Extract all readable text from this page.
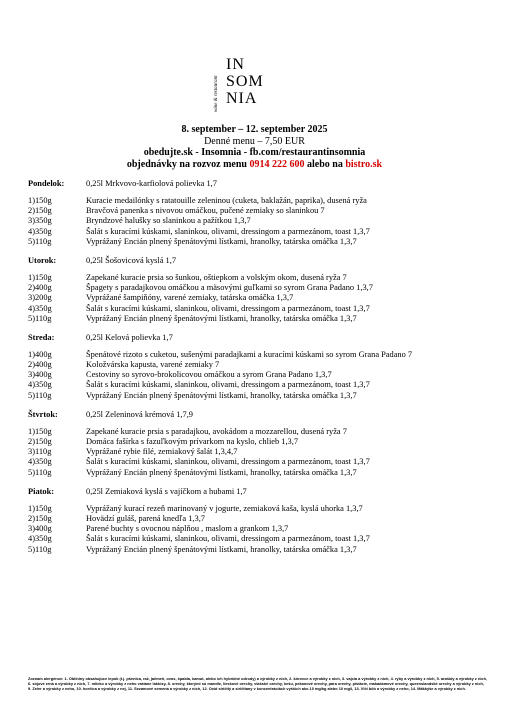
wine & restaurant
IN
SOM
NIA
8. september – 12. september 2025
Denné menu – 7,50 EUR
obedujte.sk - Insomnia - fb.com/restaurantinsomnia
objednávky na rozvoz menu 0914 222 600 alebo na bistro.sk
Pondelok:	0,25l Mrkvovo-karfiolová polievka 1,7
1)150g	Kuracie medailónky s ratatouille zeleninou (cuketa, baklažán, paprika), dusená ryža
2)150g	Bravčová panenka s nivovou omáčkou, pučené zemiaky so slaninkou 7
3)350g	Bryndzové halušky so slaninkou a pažítkou 1,3,7
4)350g	Šalát s kuracími kúskami, slaninkou, olivami, dressingom a parmezánom, toast 1,3,7
5)110g	Vyprážaný Encián plnený špenátovými lístkami, hranolky, tatárska omáčka 1,3,7
Utorok:	0,25l Šošovicová kyslá 1,7
1)150g	Zapekané kuracie prsia so šunkou, oštiepkom a volským okom, dusená ryža 7
2)400g	Špagety s paradajkovou omáčkou a mäsovými guľkami so syrom Grana Padano 1,3,7
3)200g	Vyprážané šampiňóny, varené zemiaky, tatárska omáčka 1,3,7
4)350g	Šalát s kuracími kúskami, slaninkou, olivami, dressingom a parmezánom, toast 1,3,7
5)110g	Vyprážaný Encián plnený špenátovými lístkami, hranolky, tatárska omáčka 1,3,7
Streda:	0,25l Kelová polievka 1,7
1)400g	Špenátové rizoto s cuketou, sušenými paradajkami a kuracími kúskami so syrom Grana Padano 7
2)400g	Koložvárska kapusta, varené zemiaky 7
3)400g	Cestoviny so syrovo-brokolicovou omáčkou a syrom Grana Padano 1,3,7
4)350g	Šalát s kuracími kúskami, slaninkou, olivami, dressingom a parmezánom, toast 1,3,7
5)110g	Vyprážaný Encián plnený špenátovými lístkami, hranolky, tatárska omáčka 1,3,7
Štvrtok:	0,25l Zeleninová krémová 1,7,9
1)150g	Zapekané kuracie prsia s paradajkou, avokádom a mozzarellou, dusená ryža 7
2)150g	Domáca fašírka s fazuľkovým prívarkom na kyslo, chlieb 1,3,7
3)110g	Vyprážané rybie filé, zemiakový šalát 1,3,4,7
4)350g	Šalát s kuracími kúskami, slaninkou, olivami, dressingom a parmezánom, toast 1,3,7
5)110g	Vyprážaný Encián plnený špenátovými lístkami, hranolky, tatárska omáčka 1,3,7
Piatok:	0,25l Zemiaková kyslá s vajíčkom a hubami 1,7
1)150g	Vyprážaný kurací rezeň marinovaný v jogurte, zemiaková kaša, kyslá uhorka 1,3,7
2)150g	Hovädzí guláš, parená knedľa 1,3,7
3)400g	Parené buchty s ovocnou náplňou , maslom a grankom 1,3,7
4)350g	Šalát s kuracími kúskami, slaninkou, olivami, dressingom a parmezánom, toast 1,3,7
5)110g	Vyprážaný Encián plnený špenátovými lístkami, hranolky, tatárska omáčka 1,3,7
Zoznam alergénov: 1. Obilniny obsahujúce lepok (t.j. pšenica, raž, jačmeň, ovos, špalda, kamut, alebo ich hybridné odrody) a výrobky z nich, 2. kôrovce a výrobky z nich, 3. vajcia a výrobky z nich, 4. ryby a výrobky z nich, 5. arašidy a výrobky z nich, 6. sójové zrná a výrobky z nich, 7. mlieko a výrobky z neho vrátane laktózy, 8. orechy, ktorými sú mandle, lieskové orechy, vlašské orechy, kešu, pekanové orechy, para orechy, pistácie, makadamové orechy, queenslandské orechy a výrobky z nich, 9. Zeler a výrobky z neho, 10. horčica a výrobky z nej, 11. Sezamové semená a výrobky z nich, 12. Oxid siričitý a siričitany v koncentráciách vyšších ako 10 mg/kg alebo 10 mg/l, 13. Vlčí bôb a výrobky z neho, 14. Mäkkýše a výrobky z nich.
